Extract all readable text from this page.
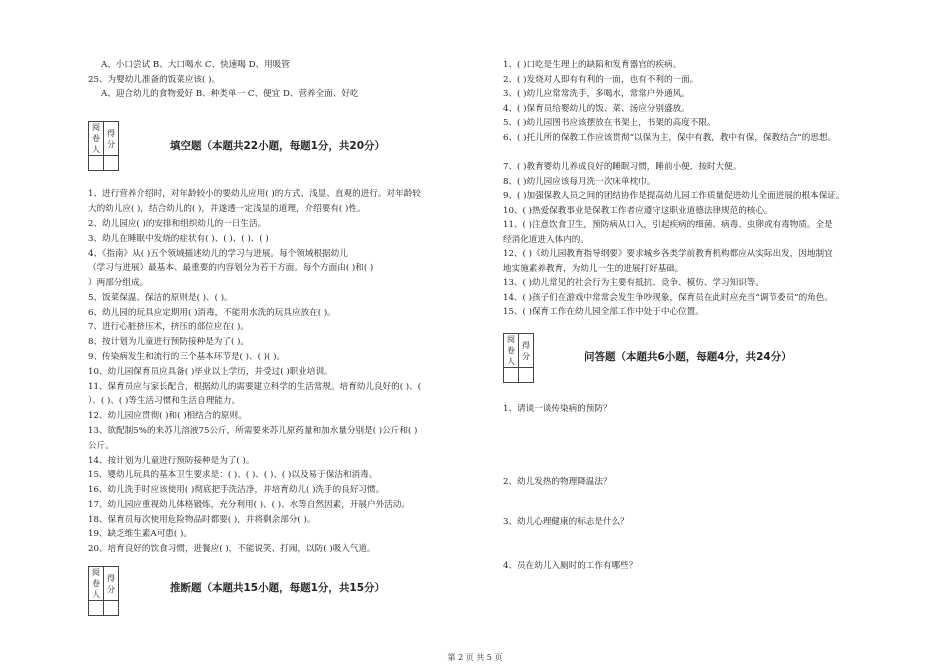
A、小口尝试 B、大口喝水 C、快速喝 D、用吸管
25、为婴幼儿准备的饭菜应该( )。
A、迎合幼儿的食物爱好 B、种类单一 C、便宜 D、营养全面、好吃
阅卷人	得分
		填空题（本题共22小题，每题1分，共20分）
1、进行营养介绍时，对年龄较小的要幼儿应用( )的方式、浅显、直观的进行。对年龄较
大的幼儿应( )，结合幼儿的( )，并遂透一定浅显的道理，介绍要有( )性。
2、幼儿园应( )的安排和组织幼儿的一日生活。
3、幼儿在睡眠中发烧的症状有( )、( )、( )、( )
4、《指南》从( )五个领域描述幼儿的学习与进展。每个领域根据幼儿
（学习与进展）最基本、最重要的内容划分为若干方面。每个方面由( )和( )
）两部分组成。
5、饭菜保温、保洁的原则是( )、( )。
6、幼儿园的玩具应定期用( )消毒，不能用水洗的玩具应放在( )。
7、进行心脏挤压术，挤压的部位应在( )。
8、按计划为儿童进行预防接种是为了( )。
9、传染病发生和流行的三个基本环节是( )、( )( )。
10、幼儿园保育员应具备( )毕业以上学历，并受过( )职业培训。
11、保育员应与家长配合，根据幼儿的需要建立科学的生活常规。培育幼儿良好的( )、(
）、( )、( )等生活习惯和生活自理能力。
12、幼儿园应贯彻( )和( )相结合的原则。
13、欲配制5%的来苏儿溶液75公斤，所需要来苏儿原药量和加水量分别是( )公斤和( )
公斤。
14、按计划为儿童进行预防接种是为了( )。
15、婴幼儿玩具的基本卫生要求是：( )、( )、( )、( )以及易于保洁和消毒。
16、幼儿洗手时应该使用( )彻底把手洗洁净，并培育幼儿( )洗手的良好习惯。
17、幼儿园应重视幼儿体格锻炼，充分利用( )、( )、水等自然因素，开展户外活动。
18、保育员每次使用危险物品时都要( )，并将剩余部分( )。
19、缺乏维生素A可患( )。
20、培育良好的饮食习惯，进餐应( )，不能说笑、打闹，以防( )吸入气道。
阅卷人	得分
		推断题（本题共15小题，每题1分，共15分）
1、( )口吃是生理上的缺陷和发育器官的疾病。
2、( )发烧对人即有有利的一面，也有不利的一面。
3、( )幼儿应常常洗手，多喝水，常常户外通风。
4、( )保育员给婴幼儿的饭、菜、汤应分别盛放。
5、( )幼儿园图书应该摆放在书架上，书架的高度不限。
6、( )托儿所的保教工作应该贯彻“以保为主，保中有教，教中有保，保教结合”的思想。
7、( )教育婴幼儿养成良好的睡眠习惯，睡前小便，按时大便。
8、( )幼儿园应该每月洗一次床单枕巾。
9、( )加强保教人员之间的团结协作是提高幼儿园工作质量促进幼儿全面进展的根本保证。
10、( )热爱保教事业是保教工作者应遵守这职业道德法律规范的核心。
11、( )注意饮食卫生，预防病从口入，引起疾病的细菌、病毒、虫卵或有毒物质。全是
经消化道进入体内的。
12、( )《幼儿园教育指导纲要》要求城乡各类学前教育机构都应从实际出发，因地制宜
地实施素养教育，为幼儿一生的进展打好基础。
13、( )幼儿常见的社会行为主要有抵抗、竞争、模仿、学习知识等。
14、( )孩子们在游戏中常常会发生争吵现象，保育员在此时应充当“调节委员”的角色。
15、( )保育工作在幼儿园全部工作中处于中心位置。
阅卷人	得分
		问答题（本题共6小题，每题4分，共24分）
1、请谈一谈传染病的预防？
2、幼儿发热的物理降温法？
3、幼儿心理健康的标志是什么？
4、员在幼儿入厕时的工作有哪些？
第 2 页 共 5 页
